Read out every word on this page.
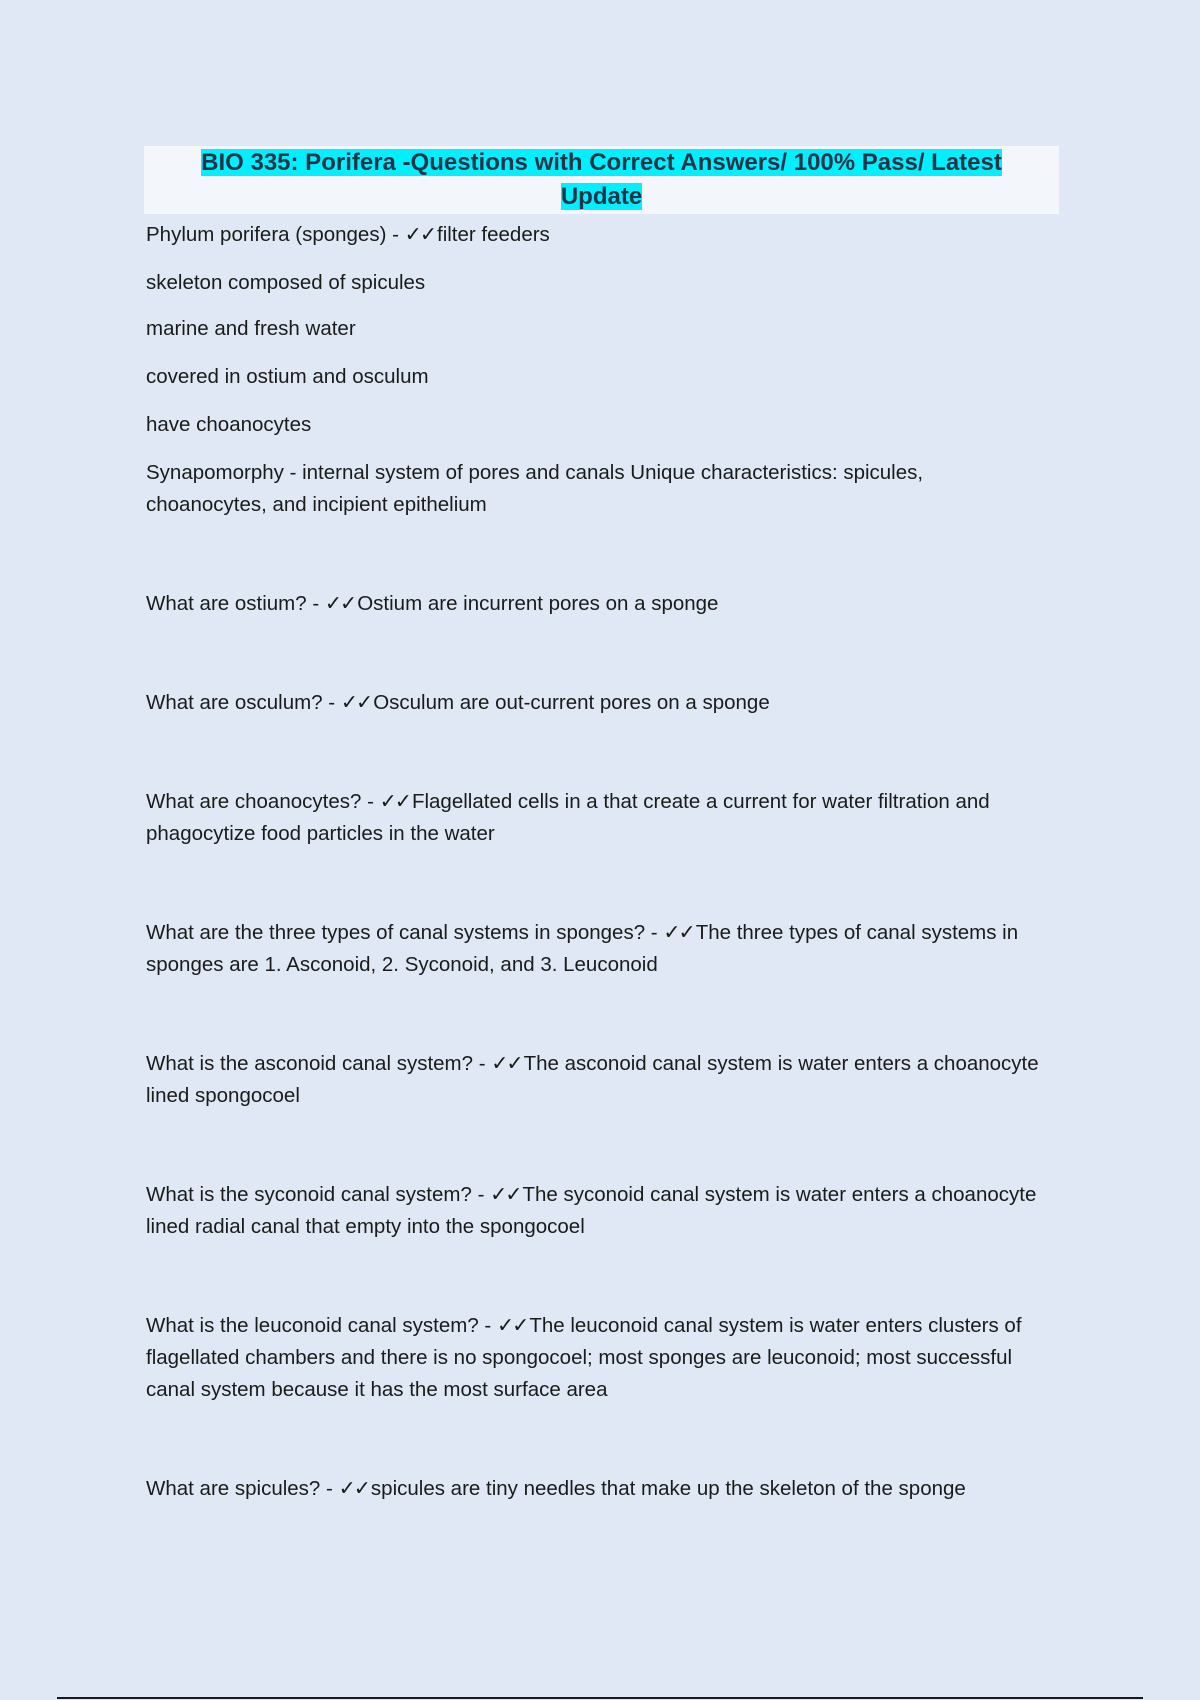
BIO 335: Porifera -Questions with Correct Answers/ 100% Pass/ Latest Update

Phylum porifera (sponges) - ✓✓filter feeders

skeleton composed of spicules

marine and fresh water

covered in ostium and osculum

have choanocytes

Synapomorphy - internal system of pores and canals Unique characteristics: spicules, choanocytes, and incipient epithelium

What are ostium? - ✓✓Ostium are incurrent pores on a sponge

What are osculum? - ✓✓Osculum are out-current pores on a sponge

What are choanocytes? - ✓✓Flagellated cells in a that create a current for water filtration and phagocytize food particles in the water

What are the three types of canal systems in sponges? - ✓✓The three types of canal systems in sponges are 1. Asconoid, 2. Syconoid, and 3. Leuconoid

What is the asconoid canal system? - ✓✓The asconoid canal system is water enters a choanocyte lined spongocoel

What is the syconoid canal system? - ✓✓The syconoid canal system is water enters a choanocyte lined radial canal that empty into the spongocoel

What is the leuconoid canal system? - ✓✓The leuconoid canal system is water enters clusters of flagellated chambers and there is no spongocoel; most sponges are leuconoid; most successful canal system because it has the most surface area

What are spicules? - ✓✓spicules are tiny needles that make up the skeleton of the sponge
